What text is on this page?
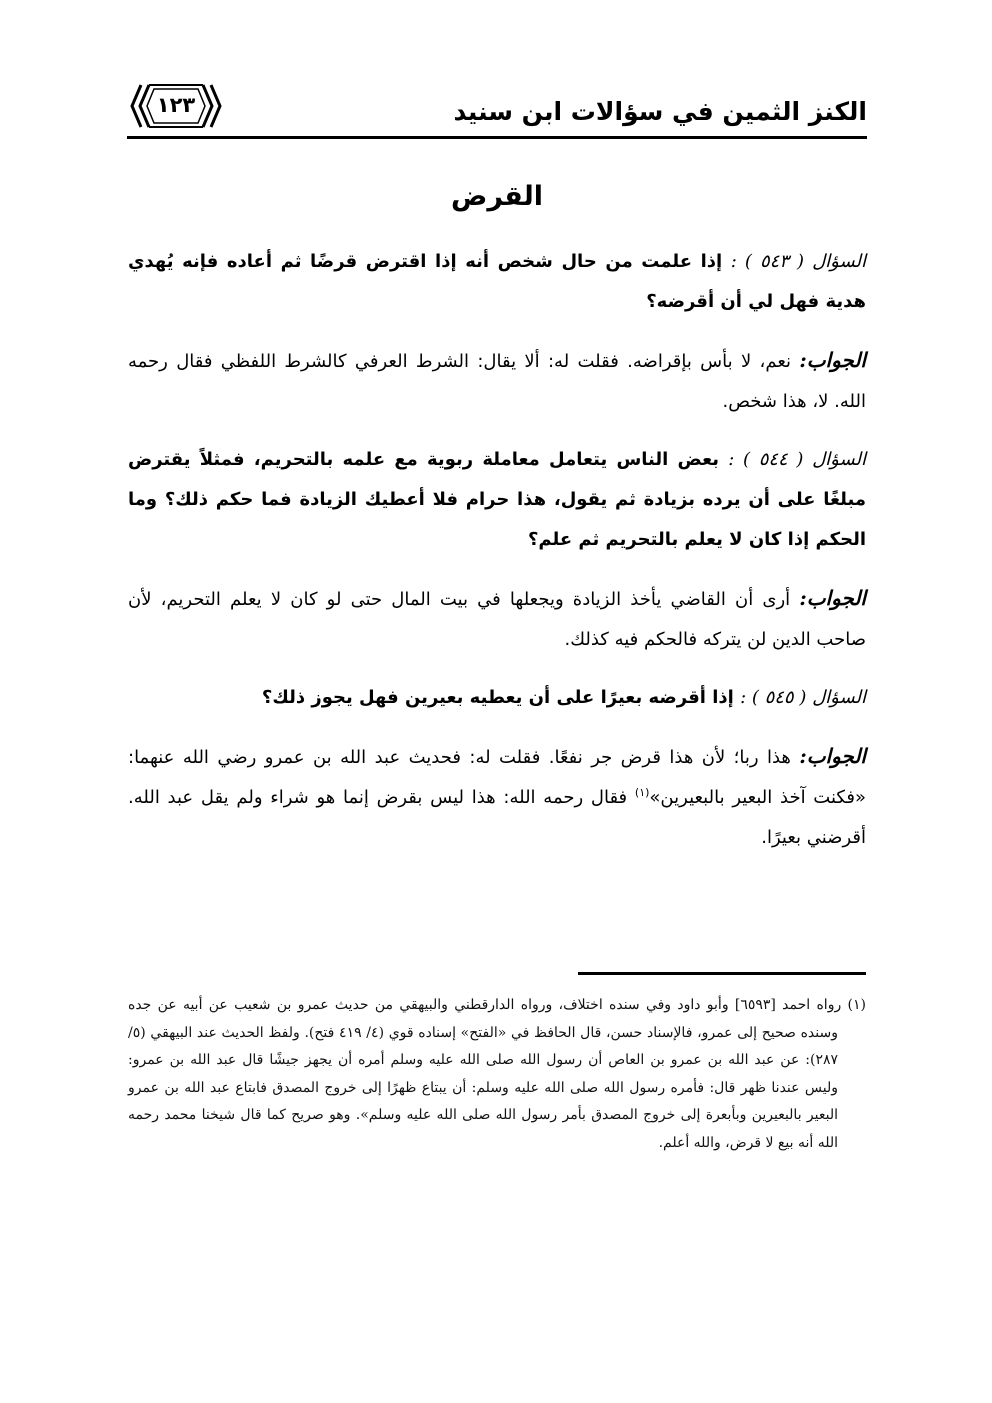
الكنز الثمين في سؤالات ابن سنيد
١٢٣
القرض

السؤال ( ٥٤٣ ) : إذا علمت من حال شخص أنه إذا اقترض قرضًا ثم أعاده فإنه يُهدي هدية فهل لي أن أقرضه؟

الجواب: نعم، لا بأس بإقراضه. فقلت له: ألا يقال: الشرط العرفي كالشرط اللفظي فقال رحمه الله. لا، هذا شخص.

السؤال ( ٥٤٤ ) : بعض الناس يتعامل معاملة ربوية مع علمه بالتحريم، فمثلاً يقترض مبلغًا على أن يرده بزيادة ثم يقول، هذا حرام فلا أعطيك الزيادة فما حكم ذلك؟ وما الحكم إذا كان لا يعلم بالتحريم ثم علم؟

الجواب: أرى أن القاضي يأخذ الزيادة ويجعلها في بيت المال حتى لو كان لا يعلم التحريم، لأن صاحب الدين لن يتركه فالحكم فيه كذلك.

السؤال ( ٥٤٥ ) : إذا أقرضه بعيرًا على أن يعطيه بعيرين فهل يجوز ذلك؟

الجواب: هذا ربا؛ لأن هذا قرض جر نفعًا. فقلت له: فحديث عبد الله بن عمرو رضي الله عنهما: «فكنت آخذ البعير بالبعيرين»$^{(١)}$ فقال رحمه الله: هذا ليس بقرض إنما هو شراء ولم يقل عبد الله. أقرضني بعيرًا.

(١) رواه احمد [٦٥٩٣] وأبو داود وفي سنده اختلاف، ورواه الدارقطني والبيهقي من حديث عمرو بن شعيب عن أبيه عن جده وسنده صحيح إلى عمرو، فالإسناد حسن، قال الحافظ في «الفتح» إسناده قوي (٤/ ٤١٩ فتح). ولفظ الحديث عند البيهقي (٥/ ٢٨٧): عن عبد الله بن عمرو بن العاص أن رسول الله صلى الله عليه وسلم أمره أن يجهز جيشًا قال عبد الله بن عمرو: وليس عندنا ظهر قال: فأمره رسول الله صلى الله عليه وسلم: أن يبتاع ظهرًا إلى خروج المصدق فابتاع عبد الله بن عمرو البعير بالبعيرين وبأبعرة إلى خروج المصدق بأمر رسول الله صلى الله عليه وسلم». وهو صريح كما قال شيخنا محمد رحمه الله أنه بيع لا قرض، والله أعلم.
